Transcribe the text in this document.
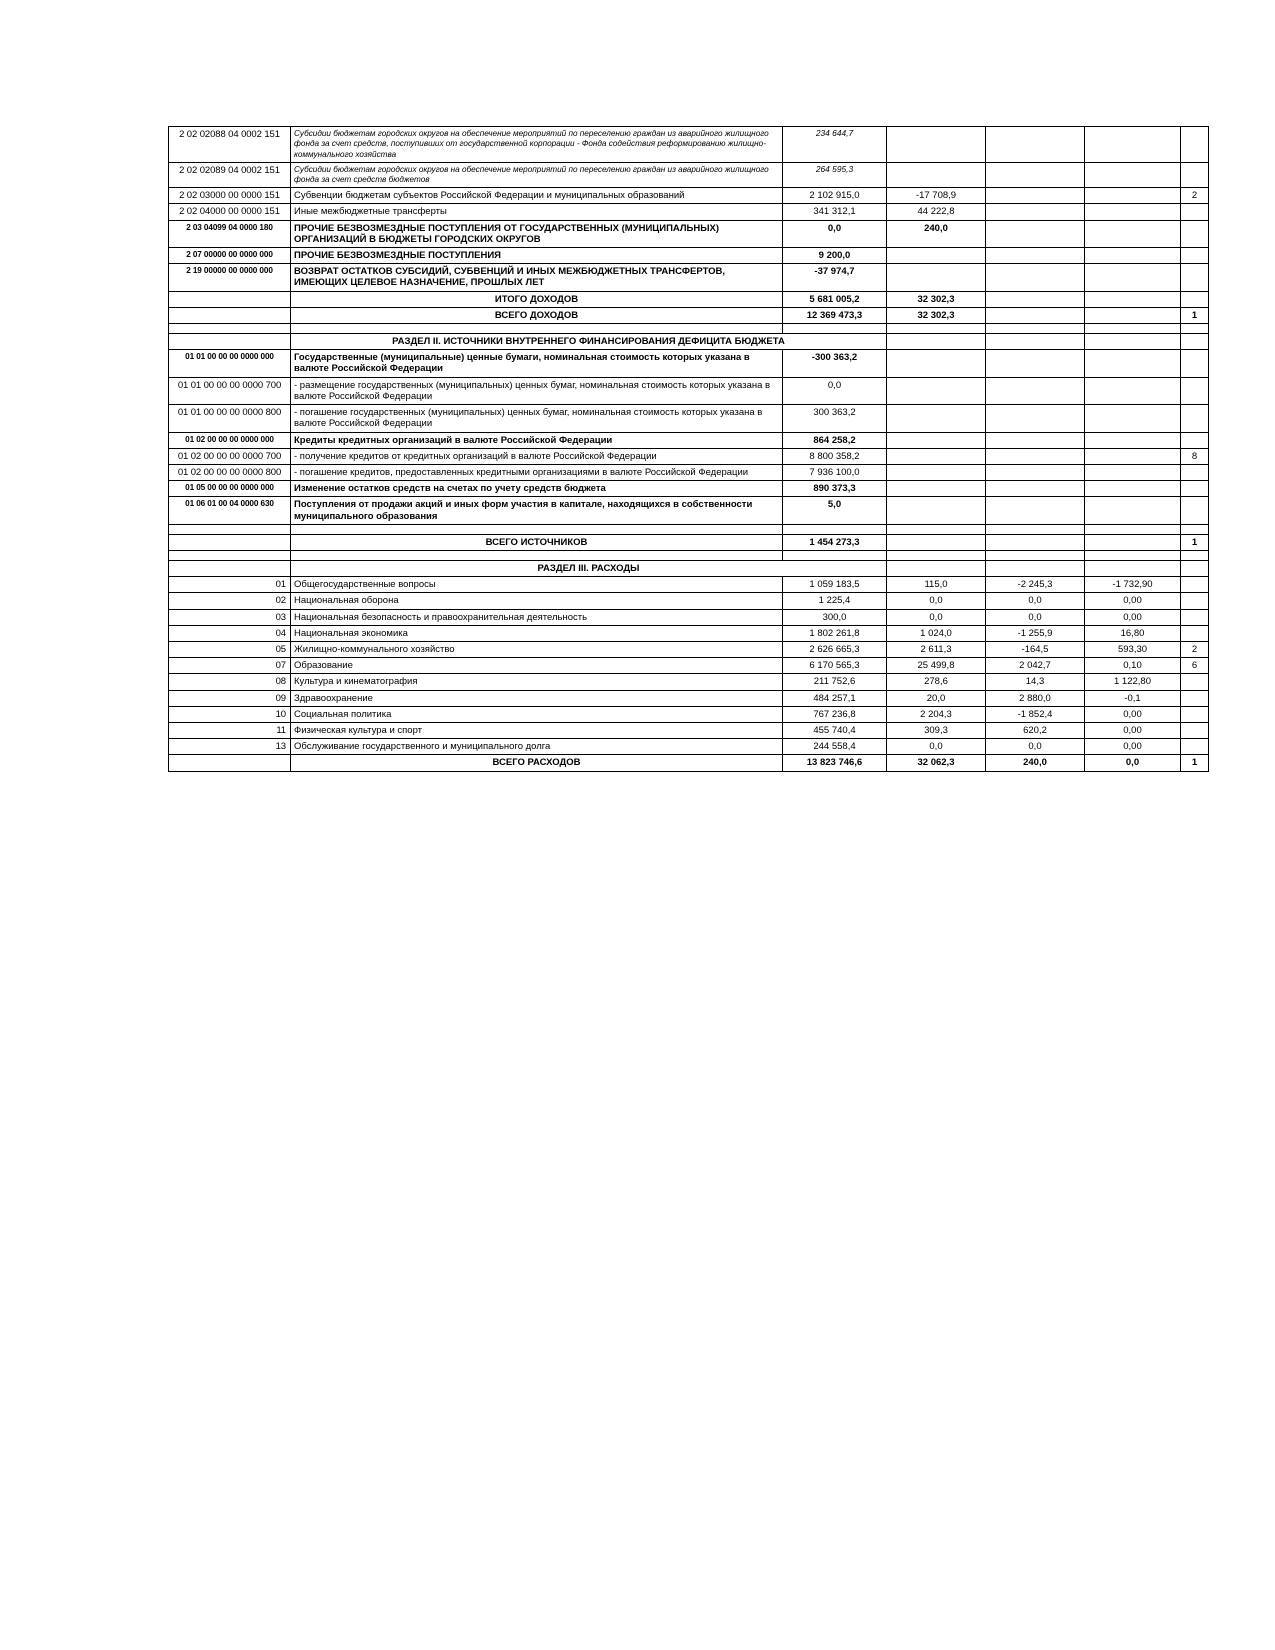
2 02 02088 04 0002 151	Субсидии бюджетам городских округов на обеспечение мероприятий по переселению граждан из аварийного жилищного фонда за счет средств, поступивших от государственной корпорации - Фонда содействия реформированию жилищно-коммунального хозяйства	234 644,7				
2 02 02089 04 0002 151	Субсидии бюджетам городских округов на обеспечение мероприятий по переселению граждан из аварийного жилищного фонда за счет средств бюджетов	264 595,3				
2 02 03000 00 0000 151	Субвенции бюджетам субъектов Российской Федерации и муниципальных образований	2 102 915,0	-17 708,9			2
2 02 04000 00 0000 151	Иные межбюджетные трансферты	341 312,1	44 222,8			
2 03 04099 04 0000 180	ПРОЧИЕ БЕЗВОЗМЕЗДНЫЕ ПОСТУПЛЕНИЯ ОТ ГОСУДАРСТВЕННЫХ (МУНИЦИПАЛЬНЫХ) ОРГАНИЗАЦИЙ В БЮДЖЕТЫ ГОРОДСКИХ ОКРУГОВ	0,0	240,0			
2 07 00000 00 0000 000	ПРОЧИЕ БЕЗВОЗМЕЗДНЫЕ ПОСТУПЛЕНИЯ	9 200,0				
2 19 00000 00 0000 000	ВОЗВРАТ ОСТАТКОВ СУБСИДИЙ, СУБВЕНЦИЙ И ИНЫХ МЕЖБЮДЖЕТНЫХ ТРАНСФЕРТОВ, ИМЕЮЩИХ ЦЕЛЕВОЕ НАЗНАЧЕНИЕ, ПРОШЛЫХ ЛЕТ	-37 974,7				
	ИТОГО ДОХОДОВ	5 681 005,2	32 302,3			
	ВСЕГО ДОХОДОВ	12 369 473,3	32 302,3			1

	РАЗДЕЛ II. ИСТОЧНИКИ ВНУТРЕННЕГО ФИНАНСИРОВАНИЯ ДЕФИЦИТА БЮДЖЕТА					
01 01 00 00 00 0000 000	Государственные (муниципальные) ценные бумаги, номинальная стоимость которых указана в валюте Российской Федерации	-300 363,2				
01 01 00 00 00 0000 700	- размещение государственных (муниципальных) ценных бумаг, номинальная стоимость которых указана в валюте Российской Федерации	0,0				
01 01 00 00 00 0000 800	- погашение государственных (муниципальных) ценных бумаг, номинальная стоимость которых указана в валюте Российской Федерации	300 363,2				
01 02 00 00 00 0000 000	Кредиты кредитных организаций в валюте Российской Федерации	864 258,2				
01 02 00 00 00 0000 700	- получение кредитов от кредитных организаций в валюте Российской Федерации	8 800 358,2				8
01 02 00 00 00 0000 800	- погашение кредитов, предоставленных кредитными организациями в валюте Российской Федерации	7 936 100,0				
01 05 00 00 00 0000 000	Изменение остатков средств на счетах по учету средств бюджета	890 373,3				
01 06 01 00 04 0000 630	Поступления от продажи акций и иных форм участия в капитале, находящихся в собственности муниципального образования	5,0				

	ВСЕГО ИСТОЧНИКОВ	1 454 273,3				1

	РАЗДЕЛ III. РАСХОДЫ					
01	Общегосударственные вопросы	1 059 183,5	115,0	-2 245,3	-1 732,90	
02	Национальная оборона	1 225,4	0,0	0,0	0,00	
03	Национальная безопасность и правоохранительная деятельность	300,0	0,0	0,0	0,00	
04	Национальная экономика	1 802 261,8	1 024,0	-1 255,9	16,80	
05	Жилищно-коммунального хозяйство	2 626 665,3	2 611,3	-164,5	593,30	2
07	Образование	6 170 565,3	25 499,8	2 042,7	0,10	6
08	Культура и кинематография	211 752,6	278,6	14,3	1 122,80	
09	Здравоохранение	484 257,1	20,0	2 880,0	-0,1	
10	Социальная политика	767 236,8	2 204,3	-1 852,4	0,00	
11	Физическая культура и спорт	455 740,4	309,3	620,2	0,00	
13	Обслуживание государственного и муниципального долга	244 558,4	0,0	0,0	0,00	
	ВСЕГО РАСХОДОВ	13 823 746,6	32 062,3	240,0	0,0	1
